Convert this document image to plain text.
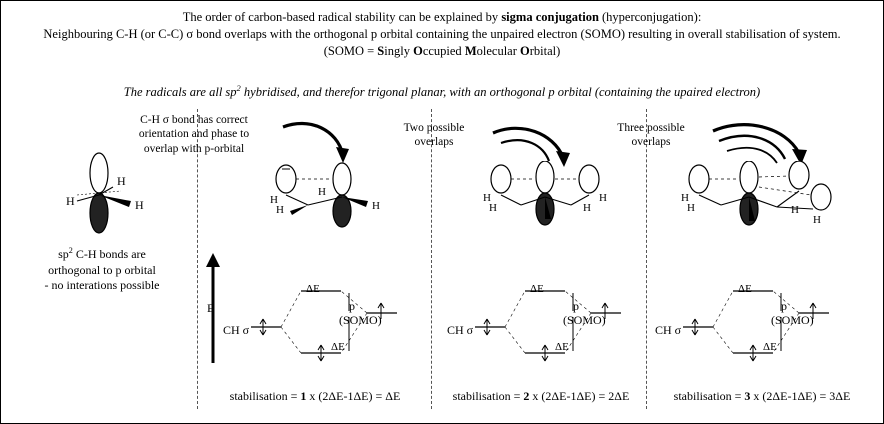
The order of carbon-based radical stability can be explained by sigma conjugation (hyperconjugation):
Neighbouring C-H (or C-C) σ bond overlaps with the orthogonal p orbital containing the unpaired electron (SOMO) resulting in overall stabilisation of system.
(SOMO = Singly Occupied Molecular Orbital)
The radicals are all $sp^2$ hybridised, and therefor trigonal planar, with an orthogonal p orbital (containing the upaired electron)
$sp^2$ C-H bonds are
orthogonal to p orbital
- no interations possible
H
H
H
C-H σ bond has correct
orientation and phase to
overlap with p-orbital
H
H
H
H
E	p
(SOMO)
CH σ
ΔE
ΔE
stabilisation = 1 x (2ΔE-1ΔE) = ΔE
Two possible
overlaps
H
H
H
H
p
(SOMO)
CH σ
ΔE
ΔE
stabilisation = 2 x (2ΔE-1ΔE) = 2ΔE
Three possible
overlaps
H
H
H
H
p
(SOMO)
CH σ
ΔE
ΔE
stabilisation = 3 x (2ΔE-1ΔE) = 3ΔE
